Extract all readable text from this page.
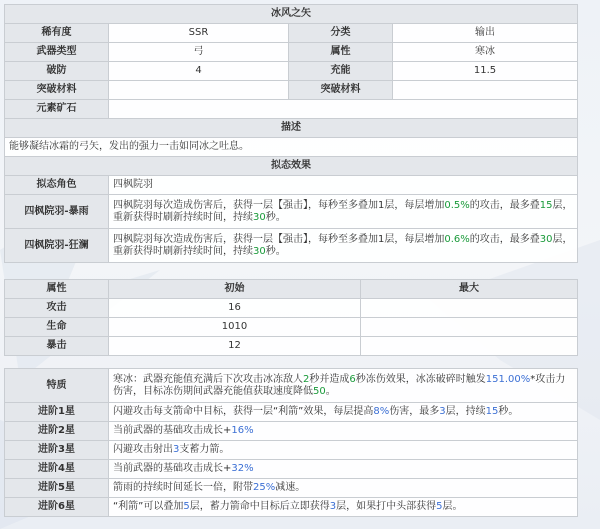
冰风之矢			
稀有度	SSR	分类	输出
武器类型	弓	属性	寒冰
破防	4	充能	11.5
突破材料		突破材料	
元素矿石			
描述			
能够凝结冰霜的弓矢，发出的强力一击如同冰之吐息。			
拟态效果			
拟态角色	四枫院羽		
四枫院羽-暴雨	四枫院羽每次造成伤害后，获得一层【强击】，每秒至多叠加1层，每层增加0.5%的攻击，最多叠15层，重新获得时刷新持续时间，持续30秒。		
四枫院羽-狂澜	四枫院羽每次造成伤害后，获得一层【强击】，每秒至多叠加1层，每层增加0.6%的攻击，最多叠30层，重新获得时刷新持续时间，持续30秒。		
属性	初始	最大
攻击	16	
生命	1010	
暴击	12	
特质	寒冰：武器充能值充满后下次攻击冰冻敌人2秒并造成6秒冻伤效果，冰冻破碎时触发151.00%*攻击力伤害，目标冻伤期间武器充能值获取速度降低50。
进阶1星	闪避攻击每支箭命中目标，获得一层“利箭”效果，每层提高8%伤害，最多3层，持续15秒。
进阶2星	当前武器的基础攻击成长+16%
进阶3星	闪避攻击射出3支蓄力箭。
进阶4星	当前武器的基础攻击成长+32%
进阶5星	箭雨的持续时间延长一倍，附带25%减速。
进阶6星	“利箭”可以叠加5层，蓄力箭命中目标后立即获得3层，如果打中头部获得5层。
